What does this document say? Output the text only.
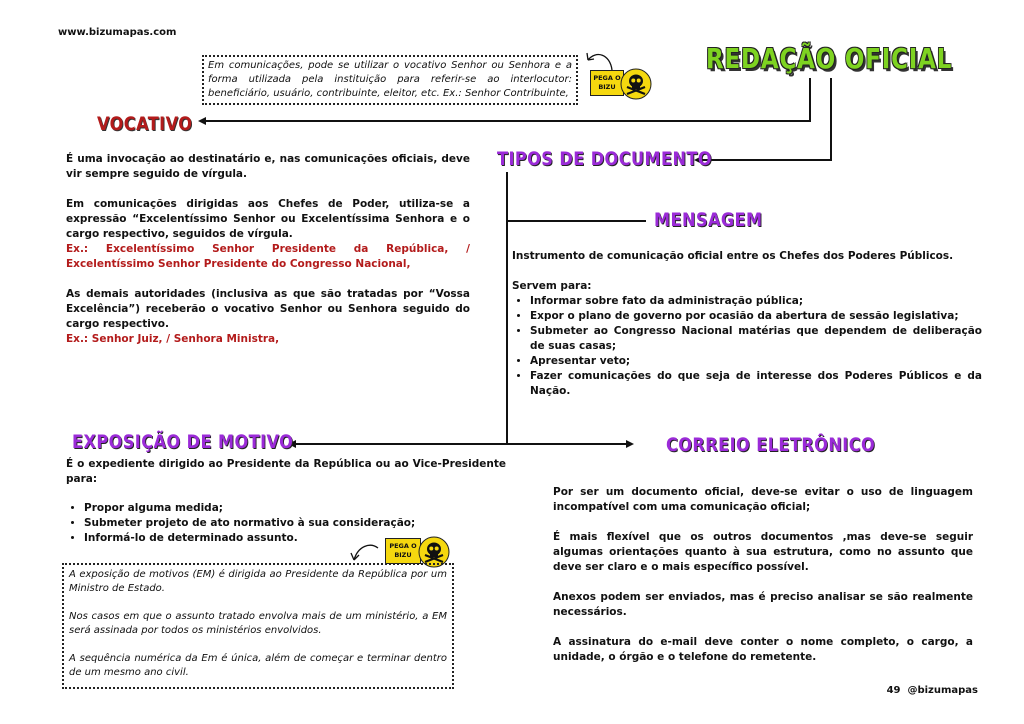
www.bizumapas.com
REDAÇÃO OFICIAL
Em comunicações, pode se utilizar o vocativo Senhor ou Senhora e a forma utilizada pela instituição para referir-se ao interlocutor: beneficiário, usuário, contribuinte, eleitor, etc. Ex.: Senhor Contribuinte,
PEGA O
BIZU
VOCATIVO

É uma invocação ao destinatário e, nas comunicações oficiais, deve vir sempre seguido de vírgula.

Em comunicações dirigidas aos Chefes de Poder, utiliza-se a expressão “Excelentíssimo Senhor ou Excelentíssima Senhora e o cargo respectivo, seguidos de vírgula.
Ex.: Excelentíssimo Senhor Presidente da República, / Excelentíssimo Senhor Presidente do Congresso Nacional,

As demais autoridades (inclusiva as que são tratadas por “Vossa Excelência”) receberão o vocativo Senhor ou Senhora seguido do cargo respectivo.
Ex.: Senhor Juiz, / Senhora Ministra,

TIPOS DE DOCUMENTO
MENSAGEM

Instrumento de comunicação oficial entre os Chefes dos Poderes Públicos.

Servem para:
• Informar sobre fato da administração pública;
• Expor o plano de governo por ocasião da abertura de sessão legislativa;
• Submeter ao Congresso Nacional matérias que dependem de deliberação de suas casas;
• Apresentar veto;
• Fazer comunicações do que seja de interesse dos Poderes Públicos e da Nação.
EXPOSIÇÃO DE MOTIVO
É o expediente dirigido ao Presidente da República ou ao Vice-Presidente para:
• Propor alguma medida;
• Submeter projeto de ato normativo à sua consideração;
• Informá-lo de determinado assunto.
PEGA O
BIZU

A exposição de motivos (EM) é dirigida ao Presidente da República por um Ministro de Estado.

Nos casos em que o assunto tratado envolva mais de um ministério, a EM será assinada por todos os ministérios envolvidos.

A sequência numérica da Em é única, além de começar e terminar dentro de um mesmo ano civil.

CORREIO ELETRÔNICO

Por ser um documento oficial, deve-se evitar o uso de linguagem incompatível com uma comunicação oficial;

É mais flexível que os outros documentos ,mas deve-se seguir algumas orientações quanto à sua estrutura, como no assunto que deve ser claro e o mais específico possível.

Anexos podem ser enviados, mas é preciso analisar se são realmente necessários.

A assinatura do e-mail deve conter o nome completo, o cargo, a unidade, o órgão e o telefone do remetente.

49  @bizumapas
